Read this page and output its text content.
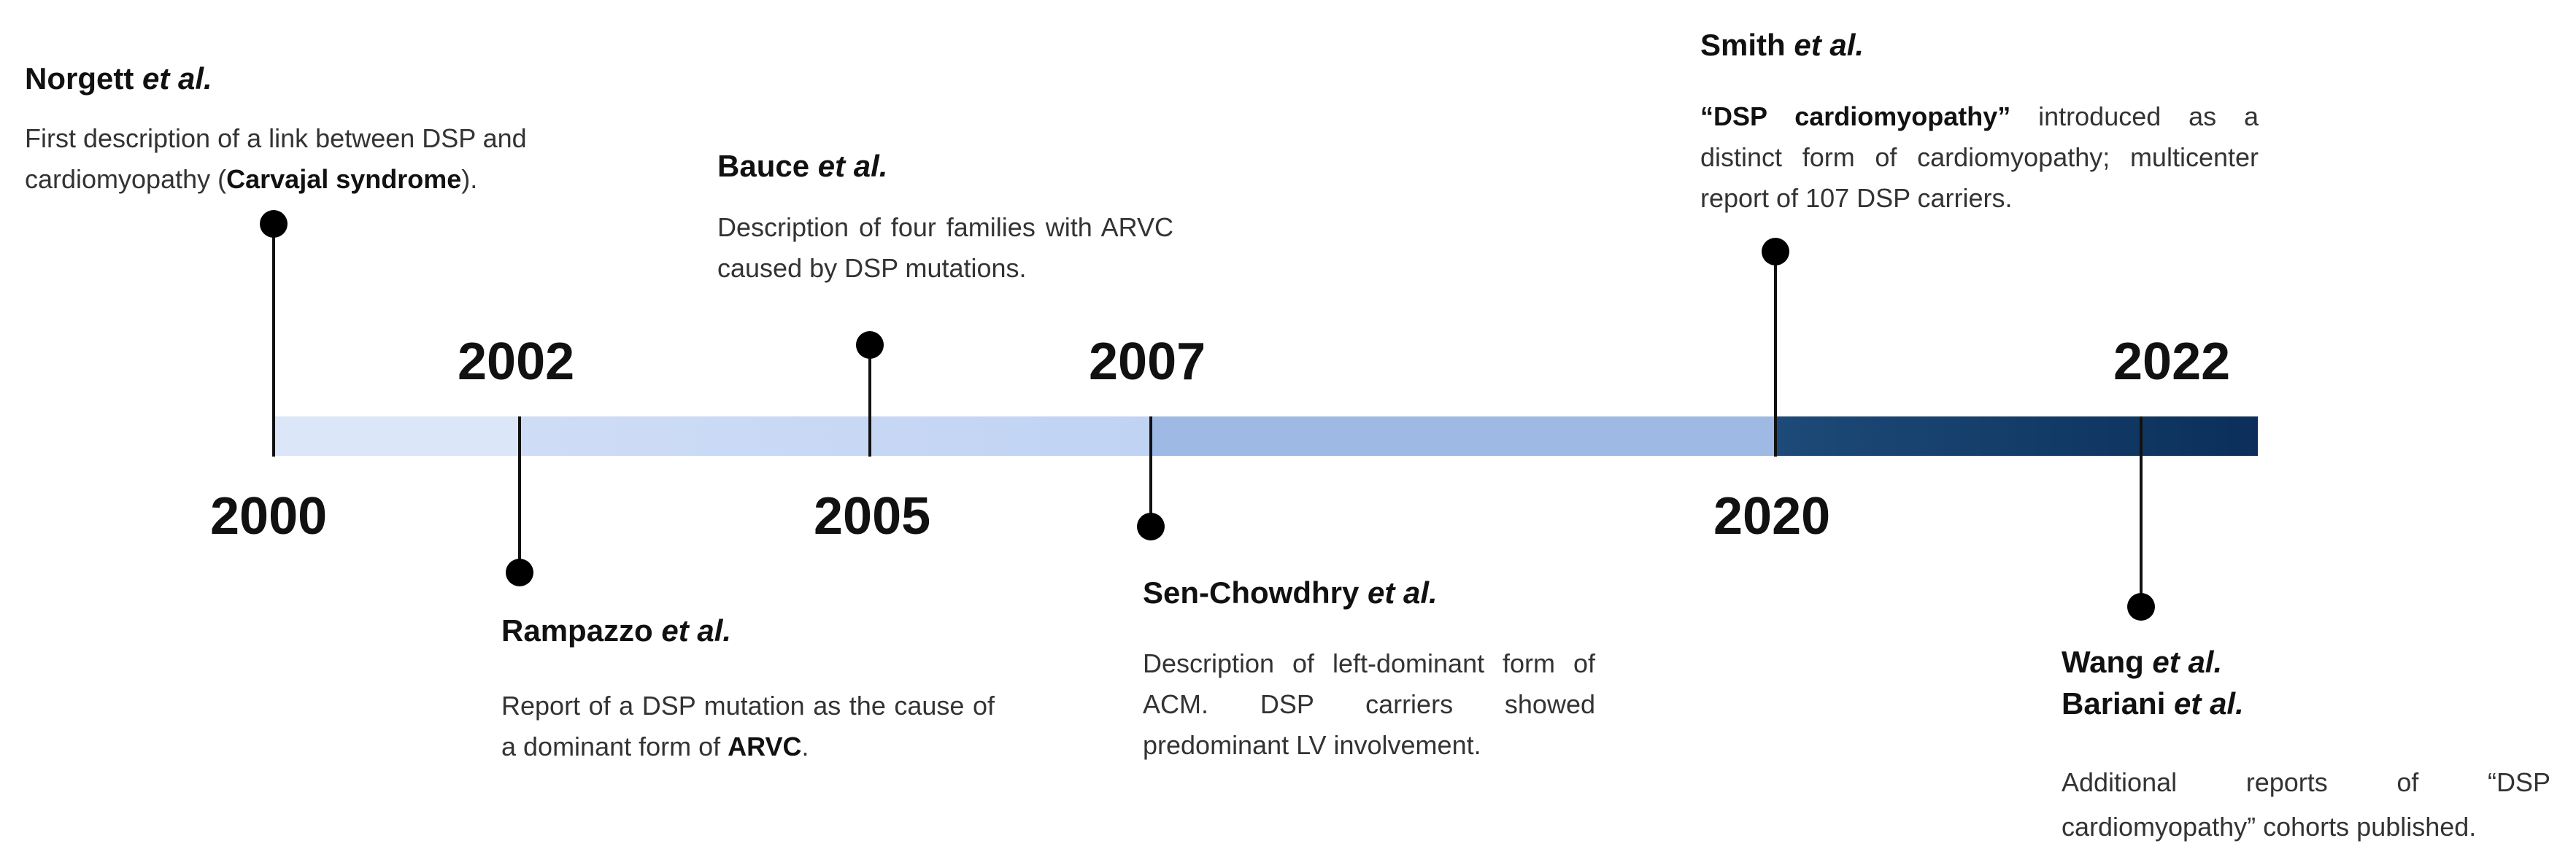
2000
2002
2005
2007
2020
2022
Norgett et al.
First description of a link between DSP and cardiomyopathy (Carvajal syndrome).	Bauce et al.
Description of four families with ARVC caused by DSP mutations.
Smith et al.
“DSP cardiomyopathy” introduced as a distinct form of cardiomyopathy; multicenter report of 107 DSP carriers.
Rampazzo et al.
Report of a DSP mutation as the cause of a dominant form of ARVC.
Sen-Chowdhry et al.
Description of left-dominant form of ACM. DSP carriers showed predominant LV involvement.
Wang et al.
Bariani et al.
Additional reports of “DSP cardiomyopathy” cohorts published.
